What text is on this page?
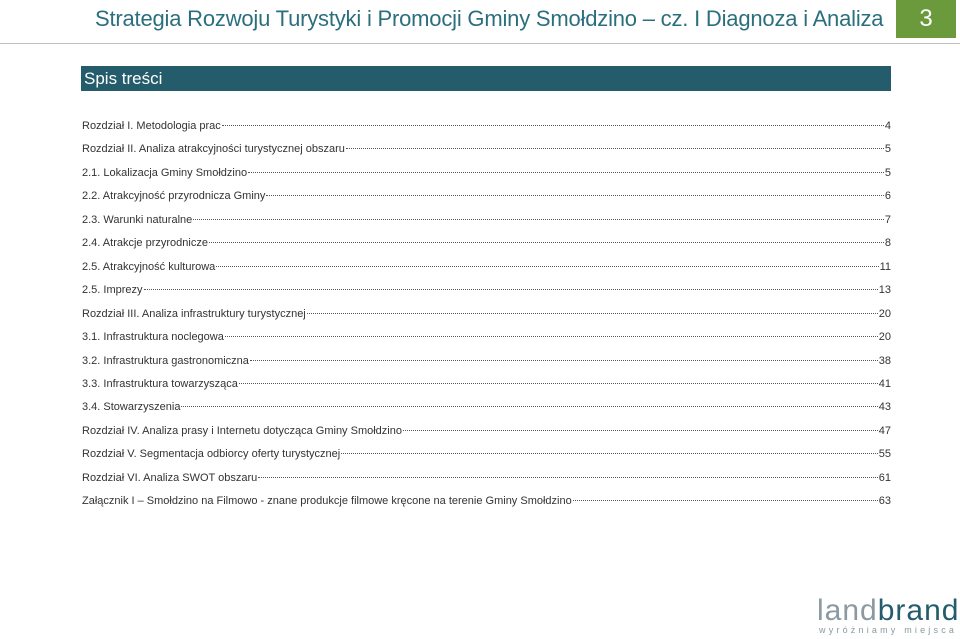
Strategia Rozwoju Turystyki i Promocji Gminy Smołdzino – cz. I Diagnoza i Analiza	3
Spis treści
Rozdział I. Metodologia prac	4
Rozdział II. Analiza atrakcyjności turystycznej obszaru	5
2.1. Lokalizacja Gminy Smołdzino	5
2.2. Atrakcyjność przyrodnicza Gminy	6
2.3. Warunki naturalne	7
2.4. Atrakcje przyrodnicze	8
2.5. Atrakcyjność kulturowa	11
2.5. Imprezy	13
Rozdział III. Analiza infrastruktury turystycznej	20
3.1. Infrastruktura noclegowa	20
3.2. Infrastruktura gastronomiczna	38
3.3. Infrastruktura towarzysząca	41
3.4. Stowarzyszenia	43
Rozdział IV. Analiza prasy i Internetu dotycząca Gminy Smołdzino	47
Rozdział V. Segmentacja odbiorcy oferty turystycznej	55
Rozdział VI. Analiza SWOT obszaru	61
Załącznik I – Smołdzino na Filmowo - znane produkcje filmowe kręcone na terenie Gminy Smołdzino	63
landbrand
wyróżniamy miejsca
